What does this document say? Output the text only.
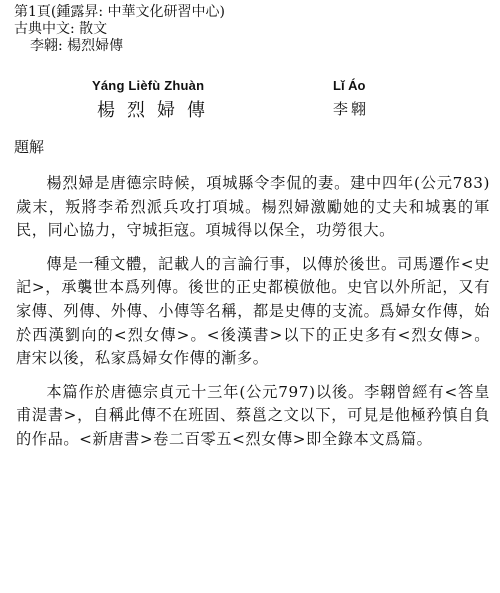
第1頁(鍾露昇: 中華文化研習中心)
古典中文: 散文
李翺: 楊烈婦傳
Yáng Lièfù Zhuàn
楊烈婦傳
Lǐ Áo
李翺
題解

楊烈婦是唐德宗時候，項城縣令李侃的妻。建中四年(公元783)歲末，叛將李希烈派兵攻打項城。楊烈婦激勵她的丈夫和城裏的軍民，同心協力，守城拒寇。項城得以保全，功勞很大。

傳是一種文體，記載人的言論行事，以傳於後世。司馬遷作<史記>，承襲世本爲列傳。後世的正史都模倣他。史官以外所記，又有家傳、列傳、外傳、小傳等名稱，都是史傳的支流。爲婦女作傳，始於西漢劉向的<烈女傳>。<後漢書>以下的正史多有<烈女傳>。唐宋以後，私家爲婦女作傳的漸多。

本篇作於唐德宗貞元十三年(公元797)以後。李翺曾經有<答皇甫湜書>，自稱此傳不在班固、蔡邕之文以下，可見是他極矜慎自負的作品。<新唐書>卷二百零五<烈女傳>即全錄本文爲篇。
